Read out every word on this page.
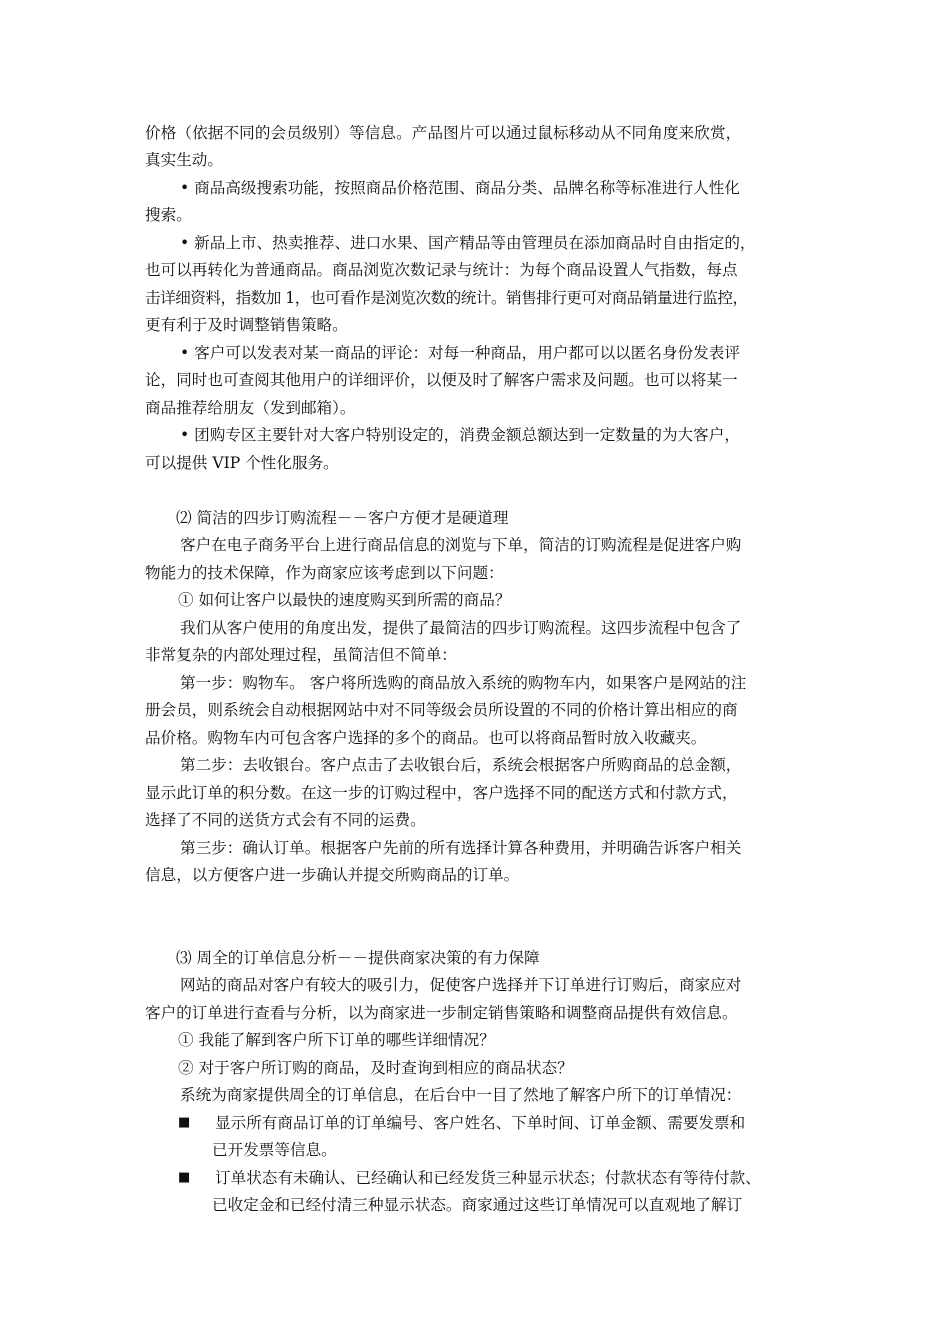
价格（依据不同的会员级别）等信息。产品图片可以通过鼠标移动从不同角度来欣赏，
真实生动。
• 商品高级搜索功能，按照商品价格范围、商品分类、品牌名称等标准进行人性化
搜索。
• 新品上市、热卖推荐、进口水果、国产精品等由管理员在添加商品时自由指定的，
也可以再转化为普通商品。商品浏览次数记录与统计：为每个商品设置人气指数，每点
击详细资料，指数加 1，也可看作是浏览次数的统计。销售排行更可对商品销量进行监控，
更有利于及时调整销售策略。
• 客户可以发表对某一商品的评论：对每一种商品，用户都可以以匿名身份发表评
论，同时也可查阅其他用户的详细评价，以便及时了解客户需求及问题。也可以将某一
商品推荐给朋友（发到邮箱）。
• 团购专区主要针对大客户特别设定的，消费金额总额达到一定数量的为大客户，
可以提供 VIP 个性化服务。
⑵ 简洁的四步订购流程－－客户方便才是硬道理
客户在电子商务平台上进行商品信息的浏览与下单，简洁的订购流程是促进客户购
物能力的技术保障，作为商家应该考虑到以下问题：
① 如何让客户以最快的速度购买到所需的商品？
我们从客户使用的角度出发，提供了最简洁的四步订购流程。这四步流程中包含了
非常复杂的内部处理过程，虽简洁但不简单：
第一步：购物车。 客户将所选购的商品放入系统的购物车内，如果客户是网站的注
册会员，则系统会自动根据网站中对不同等级会员所设置的不同的价格计算出相应的商
品价格。购物车内可包含客户选择的多个的商品。也可以将商品暂时放入收藏夹。
第二步：去收银台。客户点击了去收银台后，系统会根据客户所购商品的总金额，
显示此订单的积分数。在这一步的订购过程中，客户选择不同的配送方式和付款方式，
选择了不同的送货方式会有不同的运费。
第三步：确认订单。根据客户先前的所有选择计算各种费用，并明确告诉客户相关
信息，以方便客户进一步确认并提交所购商品的订单。
⑶ 周全的订单信息分析－－提供商家决策的有力保障
网站的商品对客户有较大的吸引力，促使客户选择并下订单进行订购后，商家应对
客户的订单进行查看与分析，以为商家进一步制定销售策略和调整商品提供有效信息。
① 我能了解到客户所下订单的哪些详细情况？
② 对于客户所订购的商品，及时查询到相应的商品状态？
系统为商家提供周全的订单信息，在后台中一目了然地了解客户所下的订单情况：
■ 显示所有商品订单的订单编号、客户姓名、下单时间、订单金额、需要发票和
已开发票等信息。
■ 订单状态有未确认、已经确认和已经发货三种显示状态；付款状态有等待付款、
已收定金和已经付清三种显示状态。商家通过这些订单情况可以直观地了解订
